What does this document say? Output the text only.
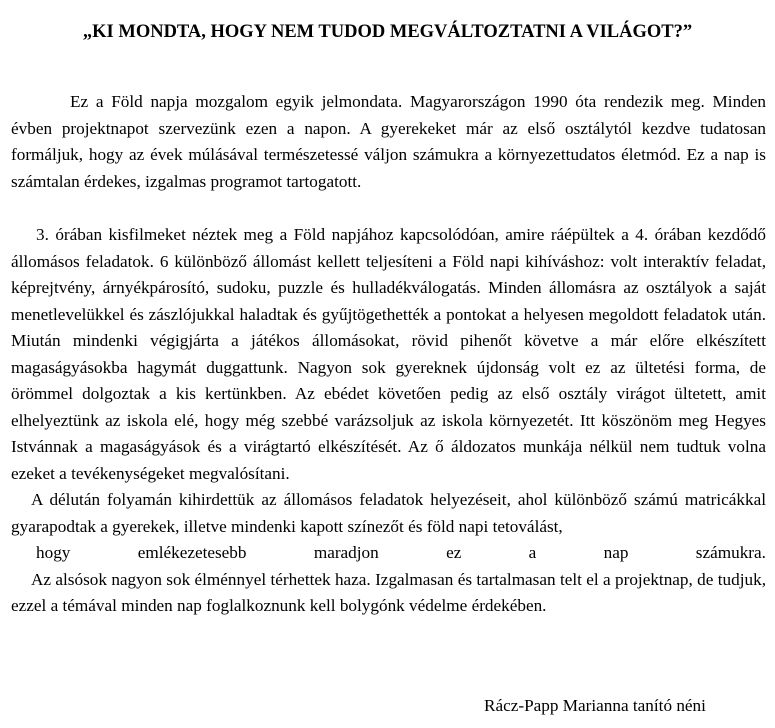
„KI MONDTA, HOGY NEM TUDOD MEGVÁLTOZTATNI A VILÁGOT?”

Ez a Föld napja mozgalom egyik jelmondata. Magyarországon 1990 óta rendezik meg. Minden évben projektnapot szervezünk ezen a napon. A gyerekeket már az első osztálytól kezdve tudatosan formáljuk, hogy az évek múlásával természetessé váljon számukra a környezettudatos életmód. Ez a nap is számtalan érdekes, izgalmas programot tartogatott.

3. órában kisfilmeket néztek meg a Föld napjához kapcsolódóan, amire ráépültek a 4. órában kezdődő állomásos feladatok. 6 különböző állomást kellett teljesíteni a Föld napi kihíváshoz: volt interaktív feladat, képrejtvény, árnyékpárosító, sudoku, puzzle és hulladékválogatás. Minden állomásra az osztályok a saját menetlevelükkel és zászlójukkal haladtak és gyűjtögethették a pontokat a helyesen megoldott feladatok után. Miután mindenki végigjárta a játékos állomásokat, rövid pihenőt követve a már előre elkészített magaságyásokba hagymát duggattunk. Nagyon sok gyereknek újdonság volt ez az ültetési forma, de örömmel dolgoztak a kis kertünkben. Az ebédet követően pedig az első osztály virágot ültetett, amit elhelyeztünk az iskola elé, hogy még szebbé varázsoljuk az iskola környezetét. Itt köszönöm meg Hegyes Istvánnak a magaságyások és a virágtartó elkészítését. Az ő áldozatos munkája nélkül nem tudtuk volna ezeket a tevékenységeket megvalósítani.
A délután folyamán kihirdettük az állomásos feladatok helyezéseit, ahol különböző számú matricákkal gyarapodtak a gyerekek, illetve mindenki kapott színezőt és föld napi tetoválást,
hogy	emlékezetesebb	maradjon	ez	a	nap	számukra.
Az alsósok nagyon sok élménnyel térhettek haza. Izgalmasan és tartalmasan telt el a projektnap, de tudjuk, ezzel a témával minden nap foglalkoznunk kell bolygónk védelme érdekében.

Rácz-Papp Marianna tanító néni
